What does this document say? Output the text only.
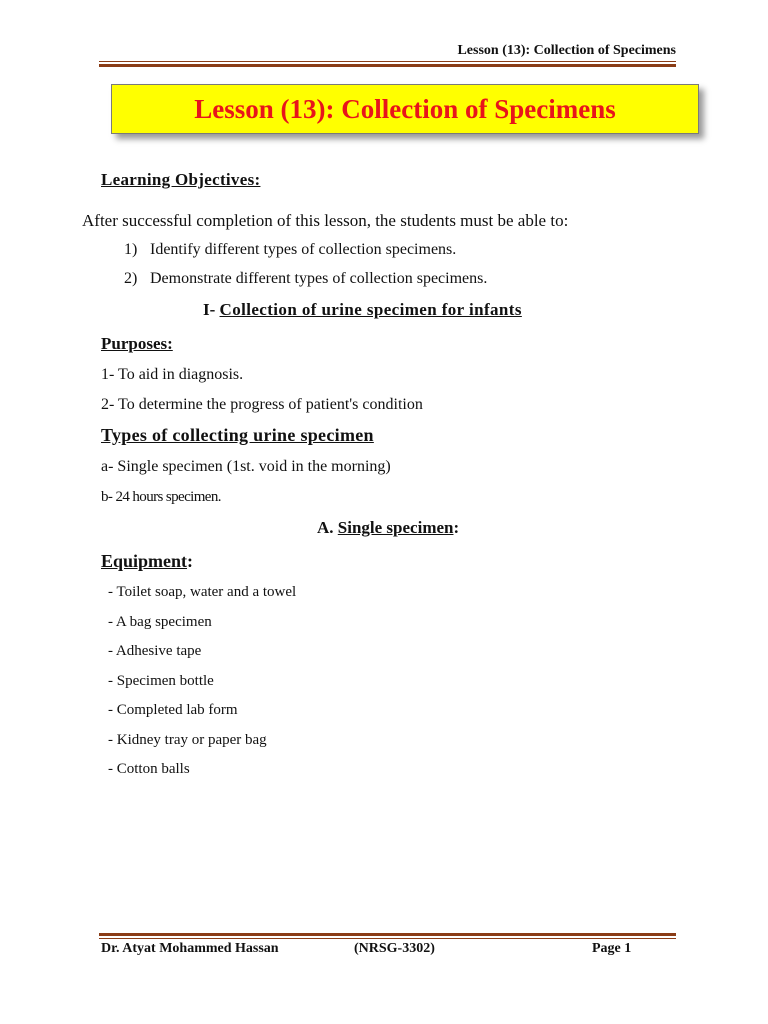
Lesson (13): Collection of Specimens
Lesson (13): Collection of Specimens
Learning Objectives:
After successful completion of this lesson, the students must be able to:
1) Identify different types of collection specimens.
2) Demonstrate different types of collection specimens.
I- Collection of urine specimen for infants
Purposes:
1- To aid in diagnosis.
2- To determine the progress of patient's condition
Types of collecting urine specimen
a- Single specimen (1st. void in the morning)
b- 24 hours specimen.
A. Single specimen:
Equipment:
- Toilet soap, water and a towel
- A bag specimen
- Adhesive tape
- Specimen bottle
- Completed lab form
- Kidney tray or paper bag
- Cotton balls
Dr. Atyat Mohammed Hassan	(NRSG-3302)	Page 1
